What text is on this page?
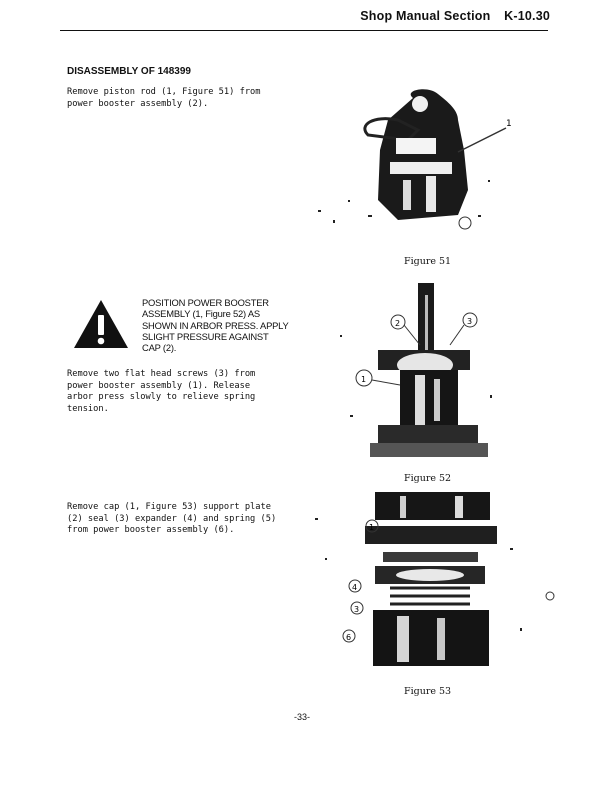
Shop Manual Section K-10.30
DISASSEMBLY OF 148399
Remove piston rod (1, Figure 51) from
power booster assembly (2).
1
Figure 51
POSITION POWER BOOSTER
ASSEMBLY (1, Figure 52) AS
SHOWN IN ARBOR PRESS. APPLY
SLIGHT PRESSURE AGAINST
CAP (2).
Remove two flat head screws (3) from
power booster assembly (1). Release
arbor press slowly to relieve spring
tension.
2	3
1
Figure 52
Remove cap (1, Figure 53) support plate
(2) seal (3) expander (4) and spring (5)
from power booster assembly (6).	1
4
3
6
Figure 53
-33-
